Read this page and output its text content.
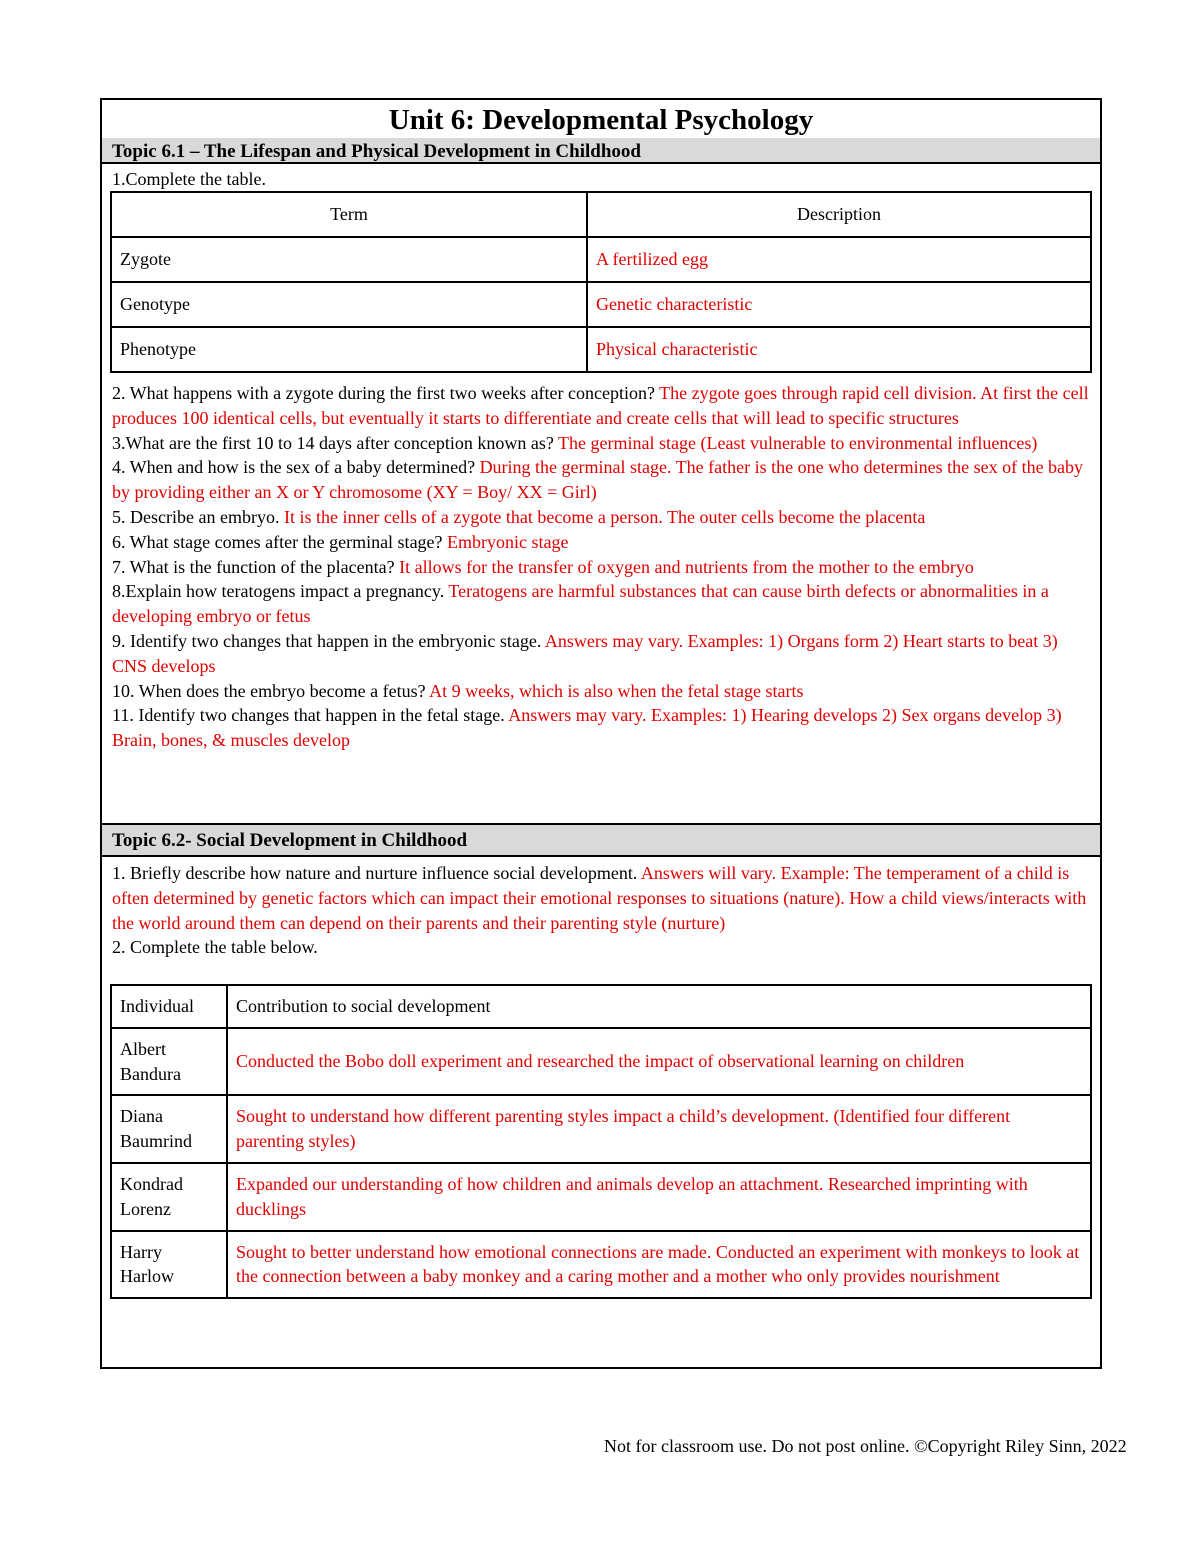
Unit 6: Developmental Psychology
Topic 6.1 – The Lifespan and Physical Development in Childhood
1.Complete the table.
Term	Description
Zygote	A fertilized egg
Genotype	Genetic characteristic
Phenotype	Physical characteristic
2. What happens with a zygote during the first two weeks after conception? The zygote goes through rapid cell division. At first the cell produces 100 identical cells, but eventually it starts to differentiate and create cells that will lead to specific structures
3.What are the first 10 to 14 days after conception known as? The germinal stage (Least vulnerable to environmental influences)
4. When and how is the sex of a baby determined? During the germinal stage. The father is the one who determines the sex of the baby by providing either an X or Y chromosome (XY = Boy/ XX = Girl)
5. Describe an embryo. It is the inner cells of a zygote that become a person. The outer cells become the placenta
6. What stage comes after the germinal stage? Embryonic stage
7. What is the function of the placenta? It allows for the transfer of oxygen and nutrients from the mother to the embryo
8.Explain how teratogens impact a pregnancy. Teratogens are harmful substances that can cause birth defects or abnormalities in a developing embryo or fetus
9. Identify two changes that happen in the embryonic stage. Answers may vary. Examples: 1) Organs form 2) Heart starts to beat 3) CNS develops
10. When does the embryo become a fetus? At 9 weeks, which is also when the fetal stage starts
11. Identify two changes that happen in the fetal stage. Answers may vary. Examples: 1) Hearing develops 2) Sex organs develop 3) Brain, bones, & muscles develop
Topic 6.2- Social Development in Childhood
1. Briefly describe how nature and nurture influence social development. Answers will vary. Example: The temperament of a child is often determined by genetic factors which can impact their emotional responses to situations (nature). How a child views/interacts with the world around them can depend on their parents and their parenting style (nurture)
2. Complete the table below.
Individual	Contribution to social development
Albert Bandura	Conducted the Bobo doll experiment and researched the impact of observational learning on children
Diana Baumrind	Sought to understand how different parenting styles impact a child’s development. (Identified four different parenting styles)
Kondrad Lorenz	Expanded our understanding of how children and animals develop an attachment. Researched imprinting with ducklings
Harry Harlow	Sought to better understand how emotional connections are made. Conducted an experiment with monkeys to look at the connection between a baby monkey and a caring mother and a mother who only provides nourishment
Not for classroom use. Do not post online. ©Copyright Riley Sinn, 2022
